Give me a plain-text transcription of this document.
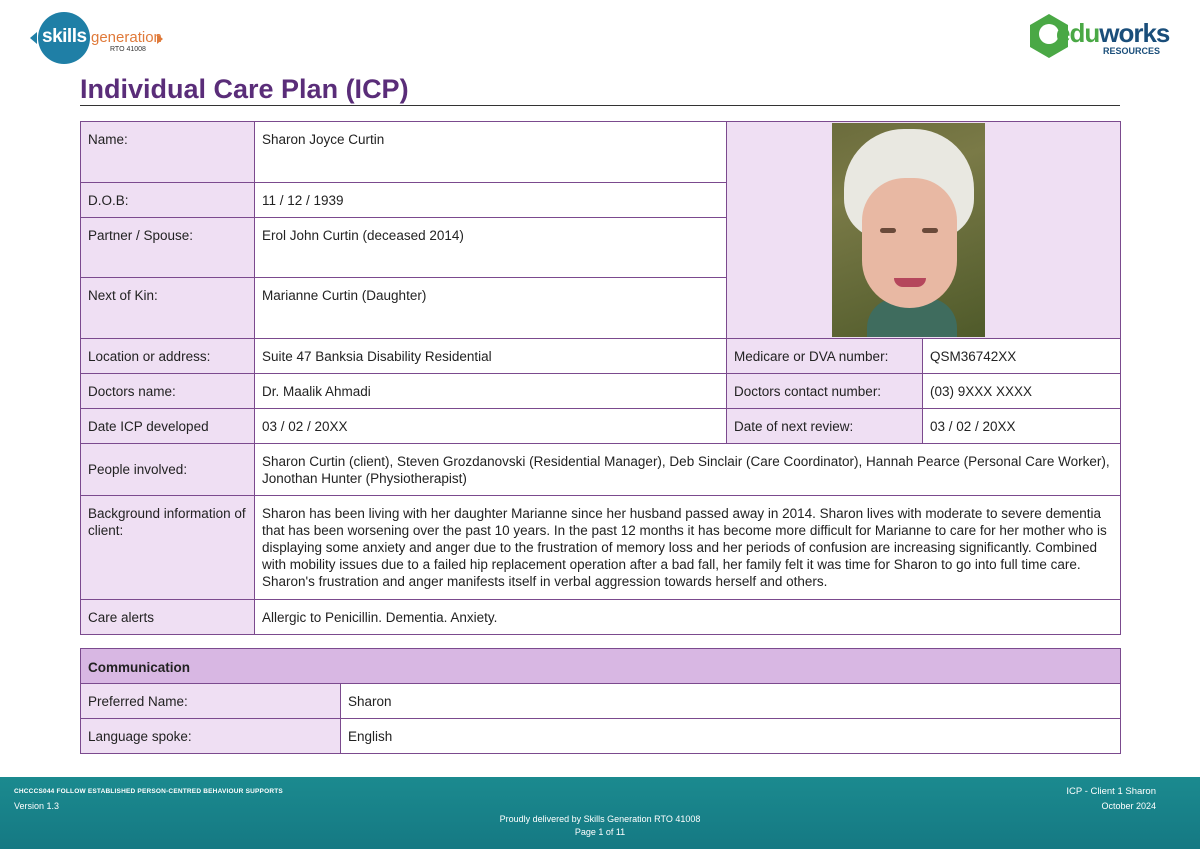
skills generation
RTO 41008
eduworks
RESOURCES
Individual Care Plan (ICP)
Name:	Sharon Joyce Curtin		

D.O.B:	11 / 12 / 1939		
Partner / Spouse:	Erol John Curtin (deceased 2014)		
Next of Kin:	Marianne Curtin (Daughter)		
Location or address:	Suite 47 Banksia Disability Residential	Medicare or DVA number:	QSM36742XX
Doctors name:	Dr. Maalik Ahmadi	Doctors contact number:	(03) 9XXX XXXX
Date ICP developed	03 / 02 / 20XX	Date of next review:	03 / 02 / 20XX
People involved:	Sharon Curtin (client), Steven Grozdanovski (Residential Manager), Deb Sinclair (Care Coordinator), Hannah Pearce (Personal Care Worker), Jonothan Hunter (Physiotherapist)		
Background information of client:	Sharon has been living with her daughter Marianne since her husband passed away in 2014. Sharon lives with moderate to severe dementia that has been worsening over the past 10 years. In the past 12 months it has become more difficult for Marianne to care for her mother who is displaying some anxiety and anger due to the frustration of memory loss and her periods of confusion are increasing significantly. Combined with mobility issues due to a failed hip replacement operation after a bad fall, her family felt it was time for Sharon to go into full time care. Sharon's frustration and anger manifests itself in verbal aggression towards herself and others.		
Care alerts	Allergic to Penicillin. Dementia. Anxiety.		
Communication	
Preferred Name:	Sharon
Language spoke:	English
CHCCCS044 FOLLOW ESTABLISHED PERSON-CENTRED BEHAVIOUR SUPPORTS
Version 1.3
ICP - Client 1 Sharon
October 2024
Proudly delivered by Skills Generation RTO 41008
Page 1 of 11
